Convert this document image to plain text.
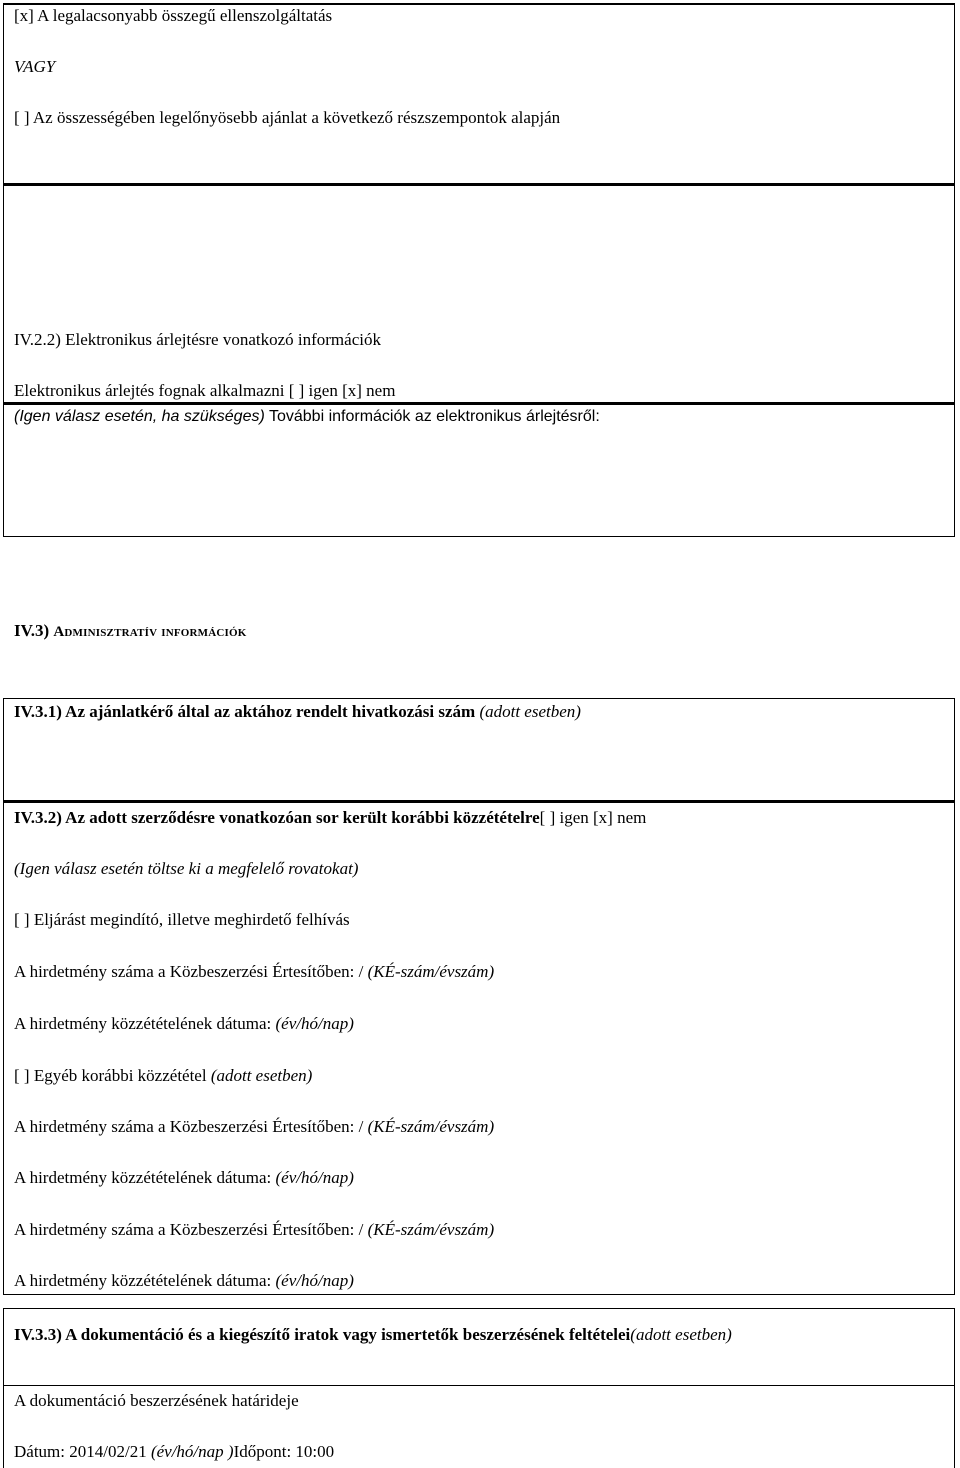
[x] A legalacsonyabb összegű ellenszolgáltatás
VAGY
[ ] Az összességében legelőnyösebb ajánlat a következő részszempontok alapján
IV.2.2) Elektronikus árlejtésre vonatkozó információk
Elektronikus árlejtés fognak alkalmazni [ ] igen [x] nem
(Igen válasz esetén, ha szükséges) További információk az elektronikus árlejtésről:
IV.3) Adminisztratív információk
IV.3.1) Az ajánlatkérő által az aktához rendelt hivatkozási szám (adott esetben)
IV.3.2) Az adott szerződésre vonatkozóan sor került korábbi közzétételre[ ] igen [x] nem
(Igen válasz esetén töltse ki a megfelelő rovatokat)
[ ] Eljárást megindító, illetve meghirdető felhívás
A hirdetmény száma a Közbeszerzési Értesítőben: / (KÉ-szám/évszám)
A hirdetmény közzétételének dátuma: (év/hó/nap)
[ ] Egyéb korábbi közzététel (adott esetben)
A hirdetmény száma a Közbeszerzési Értesítőben: / (KÉ-szám/évszám)
A hirdetmény közzétételének dátuma: (év/hó/nap)
A hirdetmény száma a Közbeszerzési Értesítőben: / (KÉ-szám/évszám)
A hirdetmény közzétételének dátuma: (év/hó/nap)
IV.3.3) A dokumentáció és a kiegészítő iratok vagy ismertetők beszerzésének feltételei(adott esetben)
A dokumentáció beszerzésének határideje
Dátum: 2014/02/21 (év/hó/nap )Időpont: 10:00
